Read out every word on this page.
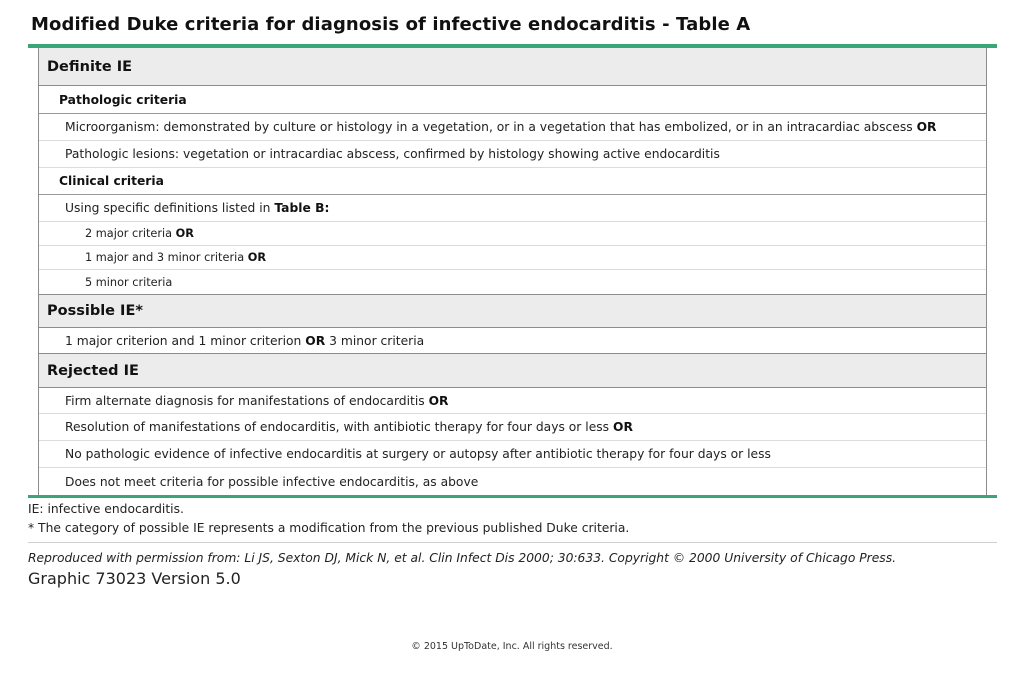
Modified Duke criteria for diagnosis of infective endocarditis - Table A
Definite IE
Pathologic criteria
Microorganism: demonstrated by culture or histology in a vegetation, or in a vegetation that has embolized, or in an intracardiac abscess
OR
Pathologic lesions: vegetation or intracardiac abscess, confirmed by histology showing active endocarditis
Clinical criteria
Using specific definitions listed in
Table B:
2 major criteria
OR
1 major and 3 minor criteria
OR
5 minor criteria
Possible IE*
1 major criterion and 1 minor criterion
OR
3 minor criteria
Rejected IE
Firm alternate diagnosis for manifestations of endocarditis
OR
Resolution of manifestations of endocarditis, with antibiotic therapy for four days or less
OR
No pathologic evidence of infective endocarditis at surgery or autopsy after antibiotic therapy for four days or less
Does not meet criteria for possible infective endocarditis, as above
IE: infective endocarditis.
* The category of possible IE represents a modification from the previous published Duke criteria.
Reproduced with permission from: Li JS, Sexton DJ, Mick N, et al. Clin Infect Dis 2000; 30:633. Copyright © 2000 University of Chicago Press.
Graphic 73023 Version 5.0
© 2015 UpToDate, Inc. All rights reserved.
